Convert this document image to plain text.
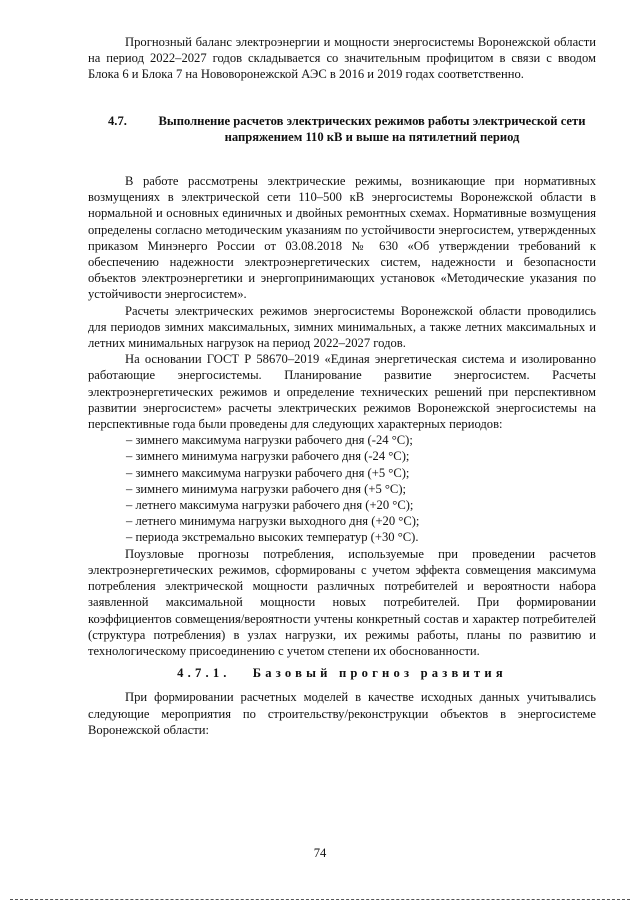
Прогнозный баланс электроэнергии и мощности энергосистемы Воронежской области на период 2022–2027 годов складывается со значительным профицитом в связи с вводом Блока 6 и Блока 7 на Нововоронежской АЭС в 2016 и 2019 годах соответственно.

4.7.	Выполнение расчетов электрических режимов работы электрической сети напряжением 110 кВ и выше на пятилетний период

В работе рассмотрены электрические режимы, возникающие при нормативных возмущениях в электрической сети 110–500 кВ энергосистемы Воронежской области в нормальной и основных единичных и двойных ремонтных схемах. Нормативные возмущения определены согласно методическим указаниям по устойчивости энергосистем, утвержденных приказом Минэнерго России от 03.08.2018 № 630 «Об утверждении требований к обеспечению надежности электроэнергетических систем, надежности и безопасности объектов электроэнергетики и энергопринимающих установок «Методические указания по устойчивости энергосистем».

Расчеты электрических режимов энергосистемы Воронежской области проводились для периодов зимних максимальных, зимних минимальных, а также летних максимальных и летних минимальных нагрузок на период 2022–2027 годов.

На основании ГОСТ Р 58670–2019 «Единая энергетическая система и изолированно работающие энергосистемы. Планирование развитие энергосистем. Расчеты электроэнергетических режимов и определение технических решений при перспективном развитии энергосистем» расчеты электрических режимов Воронежской энергосистемы на перспективные года были проведены для следующих характерных периодов:

– зимнего максимума нагрузки рабочего дня (-24 °C);
– зимнего минимума нагрузки рабочего дня (-24 °C);
– зимнего максимума нагрузки рабочего дня (+5 °C);
– зимнего минимума нагрузки рабочего дня (+5 °C);
– летнего максимума нагрузки рабочего дня (+20 °C);
– летнего минимума нагрузки выходного дня (+20 °C);
– периода экстремально высоких температур (+30 °C).

Поузловые прогнозы потребления, используемые при проведении расчетов электроэнергетических режимов, сформированы с учетом эффекта совмещения максимума потребления электрической мощности различных потребителей и вероятности набора заявленной максимальной мощности новых потребителей. При формировании коэффициентов совмещения/вероятности учтены конкретный состав и характер потребителей (структура потребления) в узлах нагрузки, их режимы работы, планы по развитию и технологическому присоединению с учетом степени их обоснованности.

4.7.1. Базовый прогноз развития

При формировании расчетных моделей в качестве исходных данных учитывались следующие мероприятия по строительству/реконструкции объектов в энергосистеме Воронежской области:

74
